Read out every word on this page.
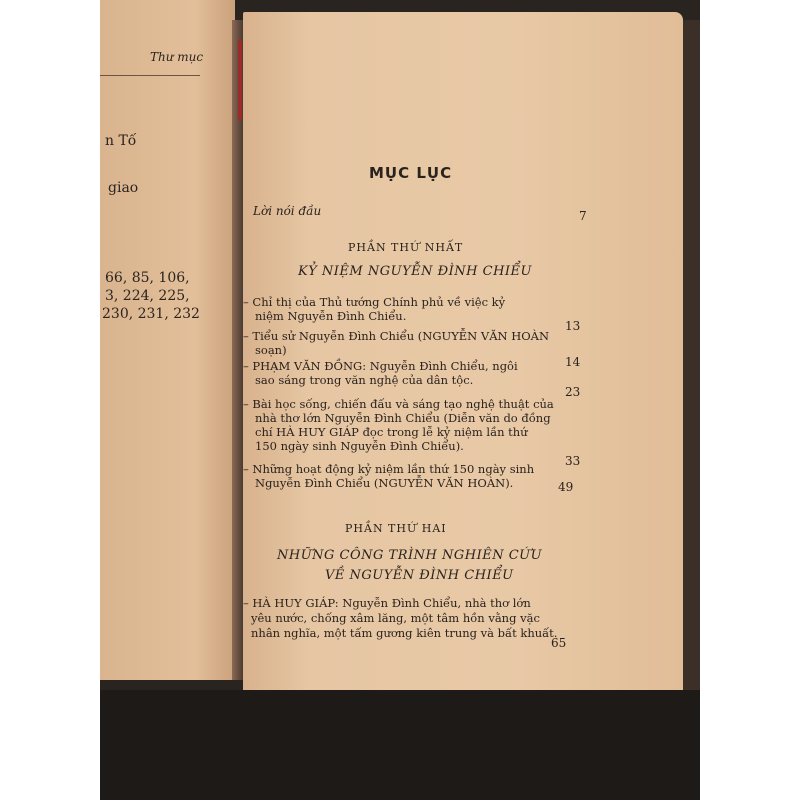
Thư mục
n Tố
giao
66, 85, 106,
3, 224, 225,
230, 231, 232
MỤC LỤC
Lời nói đầu	7
PHẦN THỨ NHẤT
KỶ NIỆM NGUYỄN ĐÌNH CHIỂU
– Chỉ thị của Thủ tướng Chính phủ về việc kỷ
niệm Nguyễn Đình Chiểu.
13
– Tiểu sử Nguyễn Đình Chiểu (NGUYỄN VĂN HOÀN
soạn)
14
– PHẠM VĂN ĐỒNG: Nguyễn Đình Chiểu, ngôi
sao sáng trong văn nghệ của dân tộc.
23
– Bài học sống, chiến đấu và sáng tạo nghệ thuật của
nhà thơ lớn Nguyễn Đình Chiểu (Diễn văn do đồng
chí HÀ HUY GIÁP đọc trong lễ kỷ niệm lần thứ
150 ngày sinh Nguyễn Đình Chiểu).
33
– Những hoạt động kỷ niệm lần thứ 150 ngày sinh
Nguyễn Đình Chiểu (NGUYỄN VĂN HOÀN).	49
PHẦN THỨ HAI
NHỮNG CÔNG TRÌNH NGHIÊN CỨU
VỀ NGUYỄN ĐÌNH CHIỂU
– HÀ HUY GIÁP: Nguyễn Đình Chiểu, nhà thơ lớn
yêu nước, chống xâm lăng, một tâm hồn vằng vặc
nhân nghĩa, một tấm gương kiên trung và bất khuất.
65
